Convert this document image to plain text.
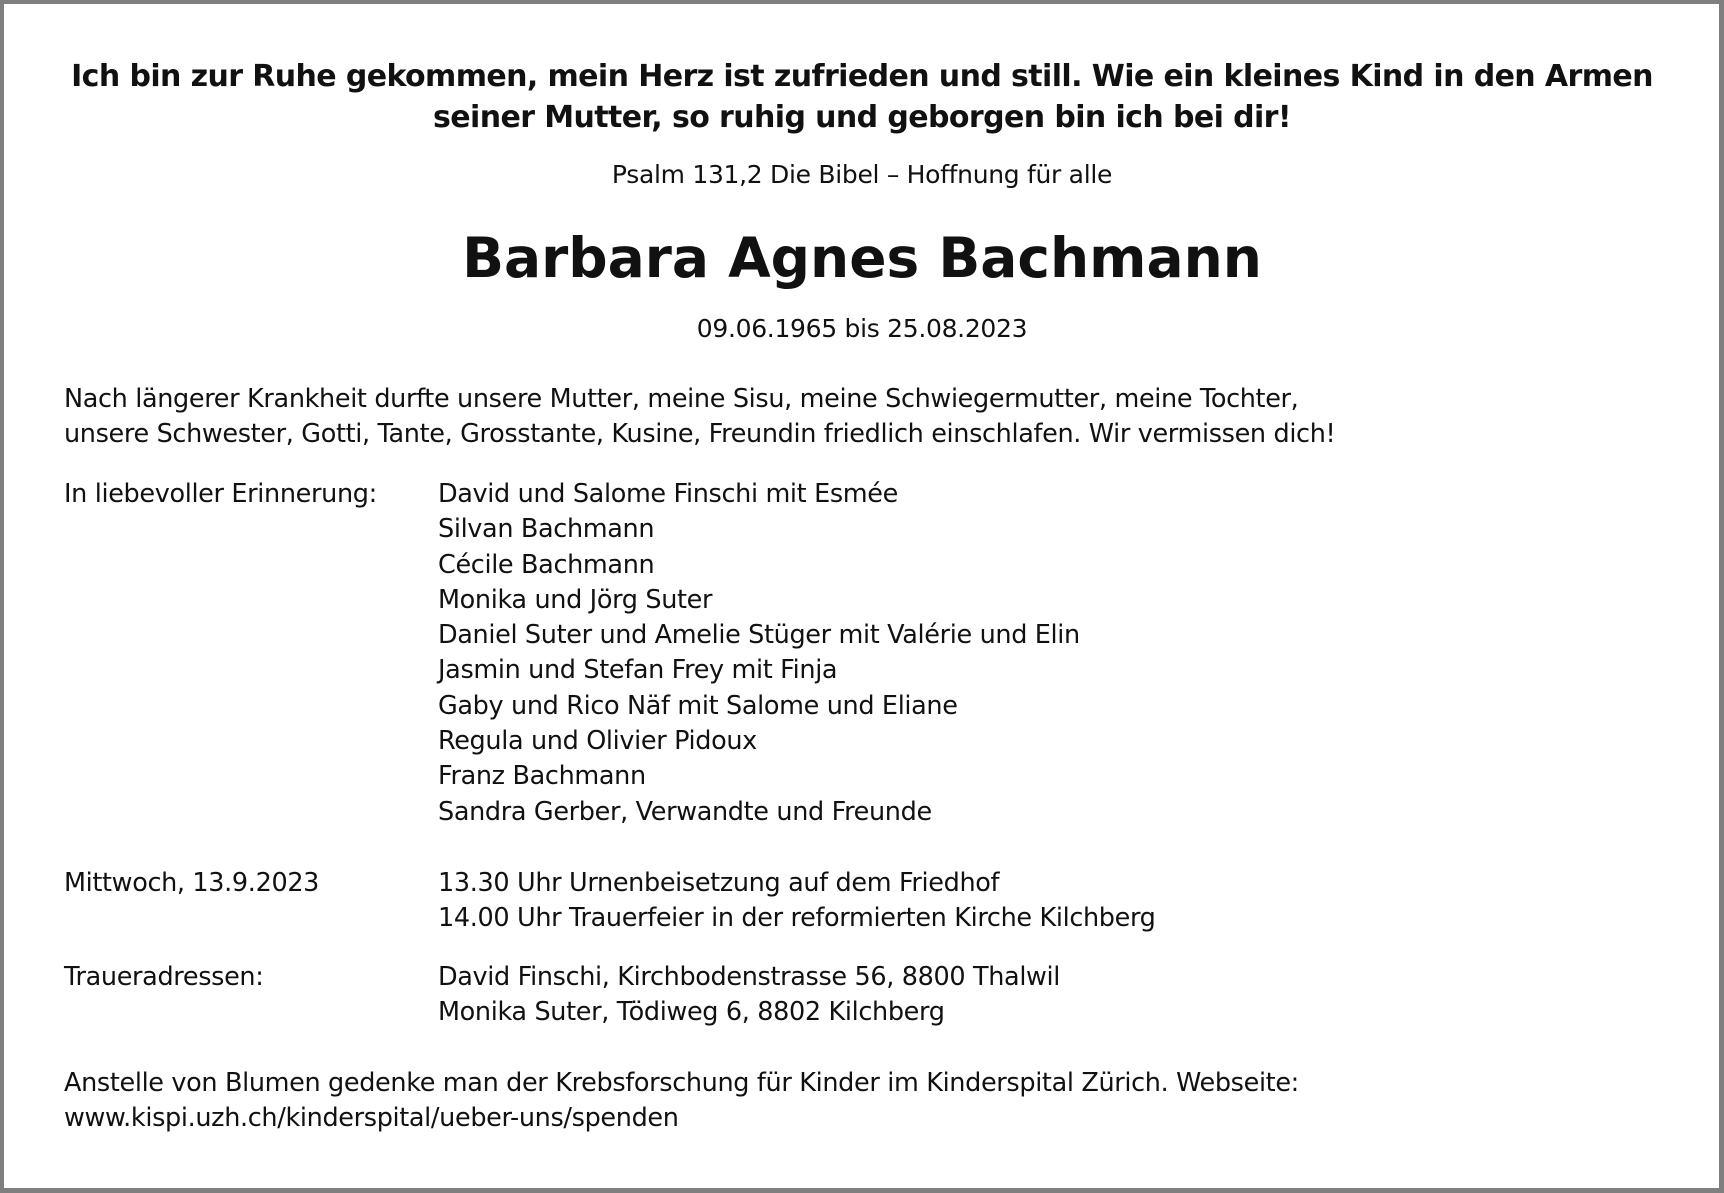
Ich bin zur Ruhe gekommen, mein Herz ist zufrieden und still. Wie ein kleines Kind in den Armen
seiner Mutter, so ruhig und geborgen bin ich bei dir!
Psalm 131,2 Die Bibel – Hoffnung für alle
Barbara Agnes Bachmann
09.06.1965 bis 25.08.2023
Nach längerer Krankheit durfte unsere Mutter, meine Sisu, meine Schwiegermutter, meine Tochter,
unsere Schwester, Gotti, Tante, Grosstante, Kusine, Freundin friedlich einschlafen. Wir vermissen dich!
In liebevoller Erinnerung: David und Salome Finschi mit Esmée
Silvan Bachmann
Cécile Bachmann
Monika und Jörg Suter
Daniel Suter und Amelie Stüger mit Valérie und Elin
Jasmin und Stefan Frey mit Finja
Gaby und Rico Näf mit Salome und Eliane
Regula und Olivier Pidoux
Franz Bachmann
Sandra Gerber, Verwandte und Freunde
Mittwoch, 13.9.2023	13.30 Uhr Urnenbeisetzung auf dem Friedhof
14.00 Uhr Trauerfeier in der reformierten Kirche Kilchberg
Traueradressen:	David Finschi, Kirchbodenstrasse 56, 8800 Thalwil
Monika Suter, Tödiweg 6, 8802 Kilchberg
Anstelle von Blumen gedenke man der Krebsforschung für Kinder im Kinderspital Zürich. Webseite:
www.kispi.uzh.ch/kinderspital/ueber-uns/spenden
